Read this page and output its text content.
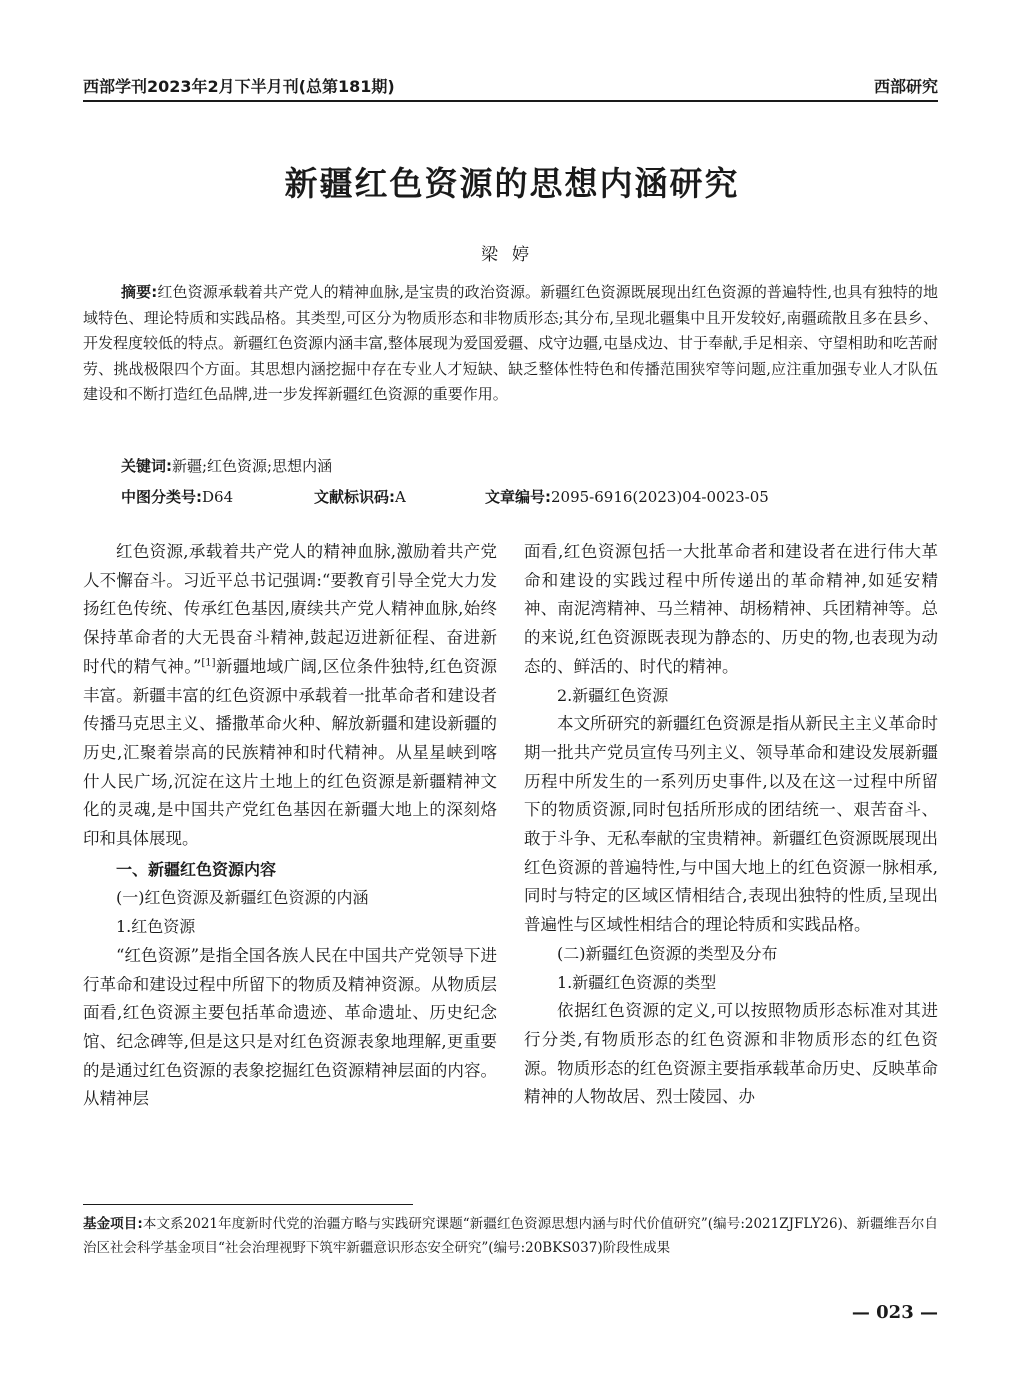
西部学刊2023年2月下半月刊(总第181期)	西部研究
新疆红色资源的思想内涵研究
梁婷
摘要:红色资源承载着共产党人的精神血脉,是宝贵的政治资源。新疆红色资源既展现出红色资源的普遍特性,也具有独特的地域特色、理论特质和实践品格。其类型,可区分为物质形态和非物质形态;其分布,呈现北疆集中且开发较好,南疆疏散且多在县乡、开发程度较低的特点。新疆红色资源内涵丰富,整体展现为爱国爱疆、戍守边疆,屯垦戍边、甘于奉献,手足相亲、守望相助和吃苦耐劳、挑战极限四个方面。其思想内涵挖掘中存在专业人才短缺、缺乏整体性特色和传播范围狭窄等问题,应注重加强专业人才队伍建设和不断打造红色品牌,进一步发挥新疆红色资源的重要作用。
关键词:新疆;红色资源;思想内涵
中图分类号:D64	文献标识码:A	文章编号:2095-6916(2023)04-0023-05

红色资源,承载着共产党人的精神血脉,激励着共产党人不懈奋斗。习近平总书记强调:“要教育引导全党大力发扬红色传统、传承红色基因,赓续共产党人精神血脉,始终保持革命者的大无畏奋斗精神,鼓起迈进新征程、奋进新时代的精气神。”[1]新疆地域广阔,区位条件独特,红色资源丰富。新疆丰富的红色资源中承载着一批革命者和建设者传播马克思主义、播撒革命火种、解放新疆和建设新疆的历史,汇聚着崇高的民族精神和时代精神。从星星峡到喀什人民广场,沉淀在这片土地上的红色资源是新疆精神文化的灵魂,是中国共产党红色基因在新疆大地上的深刻烙印和具体展现。

一、新疆红色资源内容

(一)红色资源及新疆红色资源的内涵

1.红色资源

“红色资源”是指全国各族人民在中国共产党领导下进行革命和建设过程中所留下的物质及精神资源。从物质层面看,红色资源主要包括革命遗迹、革命遗址、历史纪念馆、纪念碑等,但是这只是对红色资源表象地理解,更重要的是通过红色资源的表象挖掘红色资源精神层面的内容。从精神层

面看,红色资源包括一大批革命者和建设者在进行伟大革命和建设的实践过程中所传递出的革命精神,如延安精神、南泥湾精神、马兰精神、胡杨精神、兵团精神等。总的来说,红色资源既表现为静态的、历史的物,也表现为动态的、鲜活的、时代的精神。

2.新疆红色资源

本文所研究的新疆红色资源是指从新民主主义革命时期一批共产党员宣传马列主义、领导革命和建设发展新疆历程中所发生的一系列历史事件,以及在这一过程中所留下的物质资源,同时包括所形成的团结统一、艰苦奋斗、敢于斗争、无私奉献的宝贵精神。新疆红色资源既展现出红色资源的普遍特性,与中国大地上的红色资源一脉相承,同时与特定的区域区情相结合,表现出独特的性质,呈现出普遍性与区域性相结合的理论特质和实践品格。

(二)新疆红色资源的类型及分布

1.新疆红色资源的类型

依据红色资源的定义,可以按照物质形态标准对其进行分类,有物质形态的红色资源和非物质形态的红色资源。物质形态的红色资源主要指承载革命历史、反映革命精神的人物故居、烈士陵园、办

基金项目:本文系2021年度新时代党的治疆方略与实践研究课题“新疆红色资源思想内涵与时代价值研究”(编号:2021ZJFLY26)、新疆维吾尔自治区社会科学基金项目“社会治理视野下筑牢新疆意识形态安全研究”(编号:20BKS037)阶段性成果
— 023 —
